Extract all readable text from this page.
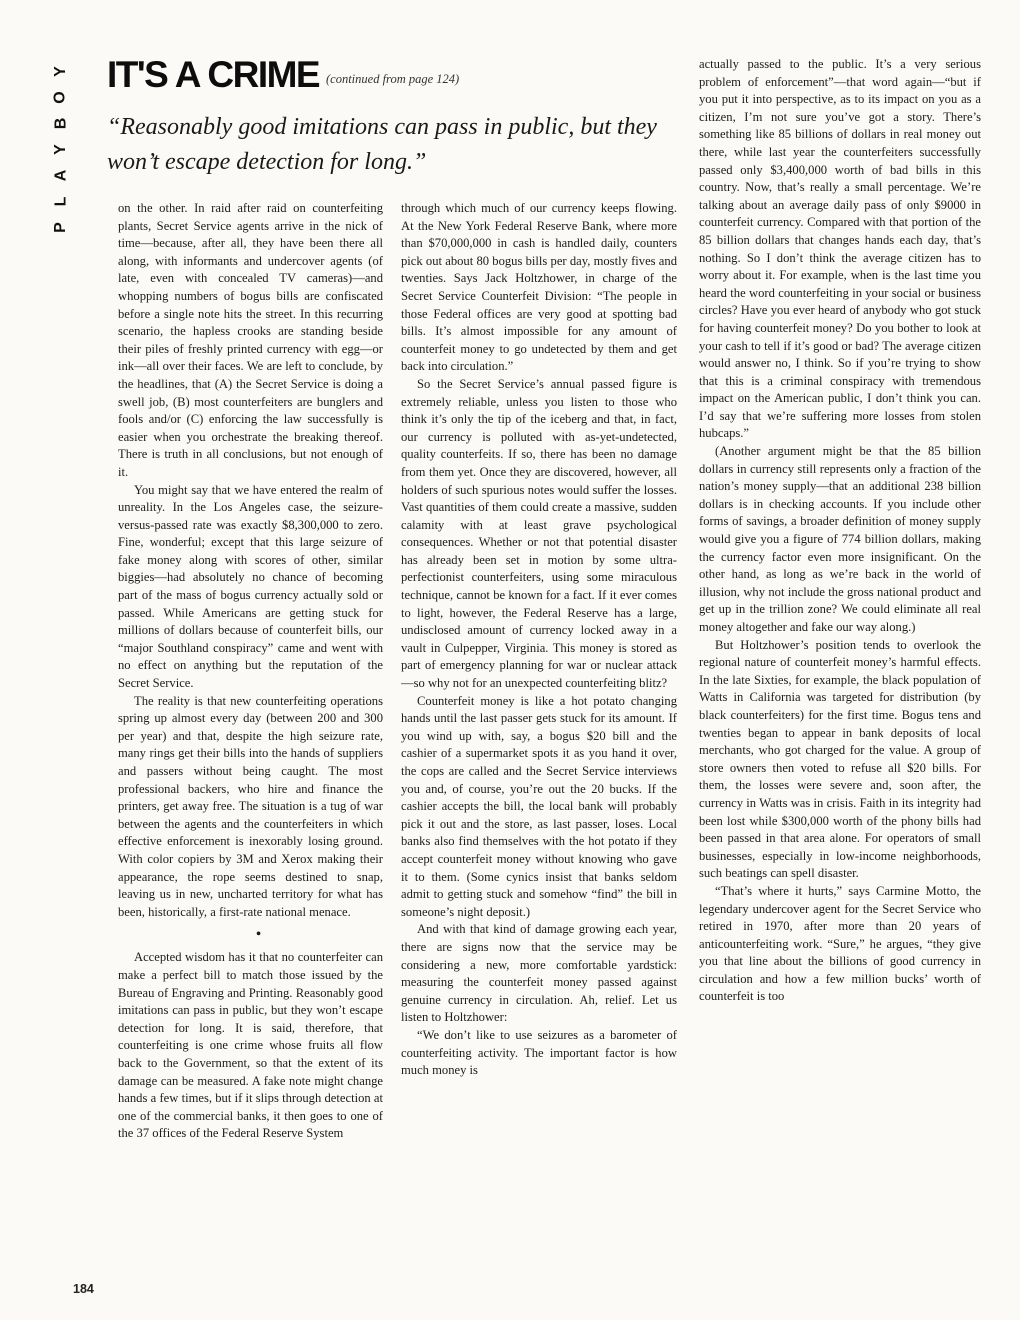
Y
O
B
Y
A
L
P
IT'S A CRIME (continued from page 124)
“Reasonably good imitations can pass in public, but they won’t escape detection for long.”

on the other. In raid after raid on counterfeiting plants, Secret Service agents arrive in the nick of time—because, after all, they have been there all along, with informants and undercover agents (of late, even with concealed TV cameras)—and whopping numbers of bogus bills are confiscated before a single note hits the street. In this recurring scenario, the hapless crooks are standing beside their piles of freshly printed currency with egg—or ink—all over their faces. We are left to conclude, by the headlines, that (A) the Secret Service is doing a swell job, (B) most counterfeiters are bunglers and fools and/or (C) enforcing the law successfully is easier when you orchestrate the breaking thereof. There is truth in all conclusions, but not enough of it.

You might say that we have entered the realm of unreality. In the Los Angeles case, the seizure-versus-passed rate was exactly $8,300,000 to zero. Fine, wonderful; except that this large seizure of fake money along with scores of other, similar biggies—had absolutely no chance of becoming part of the mass of bogus currency actually sold or passed. While Americans are getting stuck for millions of dollars because of counterfeit bills, our “major Southland conspiracy” came and went with no effect on anything but the reputation of the Secret Service.

The reality is that new counterfeiting operations spring up almost every day (between 200 and 300 per year) and that, despite the high seizure rate, many rings get their bills into the hands of suppliers and passers without being caught. The most professional backers, who hire and finance the printers, get away free. The situation is a tug of war between the agents and the counterfeiters in which effective enforcement is inexorably losing ground. With color copiers by 3M and Xerox making their appearance, the rope seems destined to snap, leaving us in new, uncharted territory for what has been, historically, a first-rate national menace.

•

Accepted wisdom has it that no counterfeiter can make a perfect bill to match those issued by the Bureau of Engraving and Printing. Reasonably good imitations can pass in public, but they won’t escape detection for long. It is said, therefore, that counterfeiting is one crime whose fruits all flow back to the Government, so that the extent of its damage can be measured. A fake note might change hands a few times, but if it slips through detection at one of the commercial banks, it then goes to one of the 37 offices of the Federal Reserve System

through which much of our currency keeps flowing. At the New York Federal Reserve Bank, where more than $70,000,000 in cash is handled daily, counters pick out about 80 bogus bills per day, mostly fives and twenties. Says Jack Holtzhower, in charge of the Secret Service Counterfeit Division: “The people in those Federal offices are very good at spotting bad bills. It’s almost impossible for any amount of counterfeit money to go undetected by them and get back into circulation.”

So the Secret Service’s annual passed figure is extremely reliable, unless you listen to those who think it’s only the tip of the iceberg and that, in fact, our currency is polluted with as-yet-undetected, quality counterfeits. If so, there has been no damage from them yet. Once they are discovered, however, all holders of such spurious notes would suffer the losses. Vast quantities of them could create a massive, sudden calamity with at least grave psychological consequences. Whether or not that potential disaster has already been set in motion by some ultra-perfectionist counterfeiters, using some miraculous technique, cannot be known for a fact. If it ever comes to light, however, the Federal Reserve has a large, undisclosed amount of currency locked away in a vault in Culpepper, Virginia. This money is stored as part of emergency planning for war or nuclear attack —so why not for an unexpected counterfeiting blitz?

Counterfeit money is like a hot potato changing hands until the last passer gets stuck for its amount. If you wind up with, say, a bogus $20 bill and the cashier of a supermarket spots it as you hand it over, the cops are called and the Secret Service interviews you and, of course, you’re out the 20 bucks. If the cashier accepts the bill, the local bank will probably pick it out and the store, as last passer, loses. Local banks also find themselves with the hot potato if they accept counterfeit money without knowing who gave it to them. (Some cynics insist that banks seldom admit to getting stuck and somehow “find” the bill in someone’s night deposit.)

And with that kind of damage growing each year, there are signs now that the service may be considering a new, more comfortable yardstick: measuring the counterfeit money passed against genuine currency in circulation. Ah, relief. Let us listen to Holtzhower:

“We don’t like to use seizures as a barometer of counterfeiting activity. The important factor is how much money is

actually passed to the public. It’s a very serious problem of enforcement”—that word again—“but if you put it into perspective, as to its impact on you as a citizen, I’m not sure you’ve got a story. There’s something like 85 billions of dollars in real money out there, while last year the counterfeiters successfully passed only $3,400,000 worth of bad bills in this country. Now, that’s really a small percentage. We’re talking about an average daily pass of only $9000 in counterfeit currency. Compared with that portion of the 85 billion dollars that changes hands each day, that’s nothing. So I don’t think the average citizen has to worry about it. For example, when is the last time you heard the word counterfeiting in your social or business circles? Have you ever heard of anybody who got stuck for having counterfeit money? Do you bother to look at your cash to tell if it’s good or bad? The average citizen would answer no, I think. So if you’re trying to show that this is a criminal conspiracy with tremendous impact on the American public, I don’t think you can. I’d say that we’re suffering more losses from stolen hubcaps.”

(Another argument might be that the 85 billion dollars in currency still represents only a fraction of the nation’s money supply—that an additional 238 billion dollars is in checking accounts. If you include other forms of savings, a broader definition of money supply would give you a figure of 774 billion dollars, making the currency factor even more insignificant. On the other hand, as long as we’re back in the world of illusion, why not include the gross national product and get up in the trillion zone? We could eliminate all real money altogether and fake our way along.)

But Holtzhower’s position tends to overlook the regional nature of counterfeit money’s harmful effects. In the late Sixties, for example, the black population of Watts in California was targeted for distribution (by black counterfeiters) for the first time. Bogus tens and twenties began to appear in bank deposits of local merchants, who got charged for the value. A group of store owners then voted to refuse all $20 bills. For them, the losses were severe and, soon after, the currency in Watts was in crisis. Faith in its integrity had been lost while $300,000 worth of the phony bills had been passed in that area alone. For operators of small businesses, especially in low-income neighborhoods, such beatings can spell disaster.

“That’s where it hurts,” says Carmine Motto, the legendary undercover agent for the Secret Service who retired in 1970, after more than 20 years of anticounterfeiting work. “Sure,” he argues, “they give you that line about the billions of good currency in circulation and how a few million bucks’ worth of counterfeit is too

184
